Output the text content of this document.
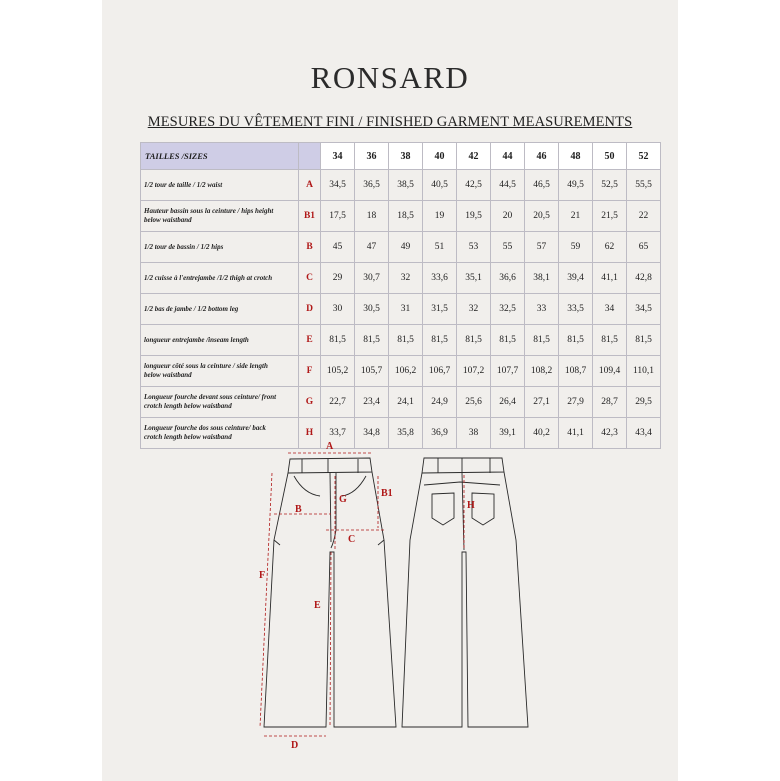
RONSARD
MESURES DU VÊTEMENT FINI / FINISHED GARMENT MEASUREMENTS
TAILLES /SIZES		34	36	38	40	42	44	46	48	50	52

1/2 tour de taille / 1/2 waist	A	34,5	36,5	38,5	40,5	42,5	44,5	46,5	49,5	52,5	55,5

Hauteur bassin sous la ceinture / hips height
below waistband	B1	17,5	18	18,5	19	19,5	20	20,5	21	21,5	22

1/2 tour de bassin / 1/2 hips	B	45	47	49	51	53	55	57	59	62	65

1/2 cuisse à l'entrejambe /1/2 thigh at crotch	C	29	30,7	32	33,6	35,1	36,6	38,1	39,4	41,1	42,8

1/2 bas de jambe / 1/2 bottom leg	D	30	30,5	31	31,5	32	32,5	33	33,5	34	34,5

longueur entrejambe /inseam length	E	81,5	81,5	81,5	81,5	81,5	81,5	81,5	81,5	81,5	81,5

longueur côté sous la ceinture / side length
below waistband	F	105,2	105,7	106,2	106,7	107,2	107,7	108,2	108,7	109,4	110,1

Longueur fourche devant sous ceinture/ front
crotch length below waistband	G	22,7	23,4	24,1	24,9	25,6	26,4	27,1	27,9	28,7	29,5

Longueur fourche dos sous ceinture/ back
crotch length below waistband	H	33,7	34,8	35,8	36,9	38	39,1	40,2	41,1	42,3	43,4
A
B
B1
C
D
E
F
G
H
